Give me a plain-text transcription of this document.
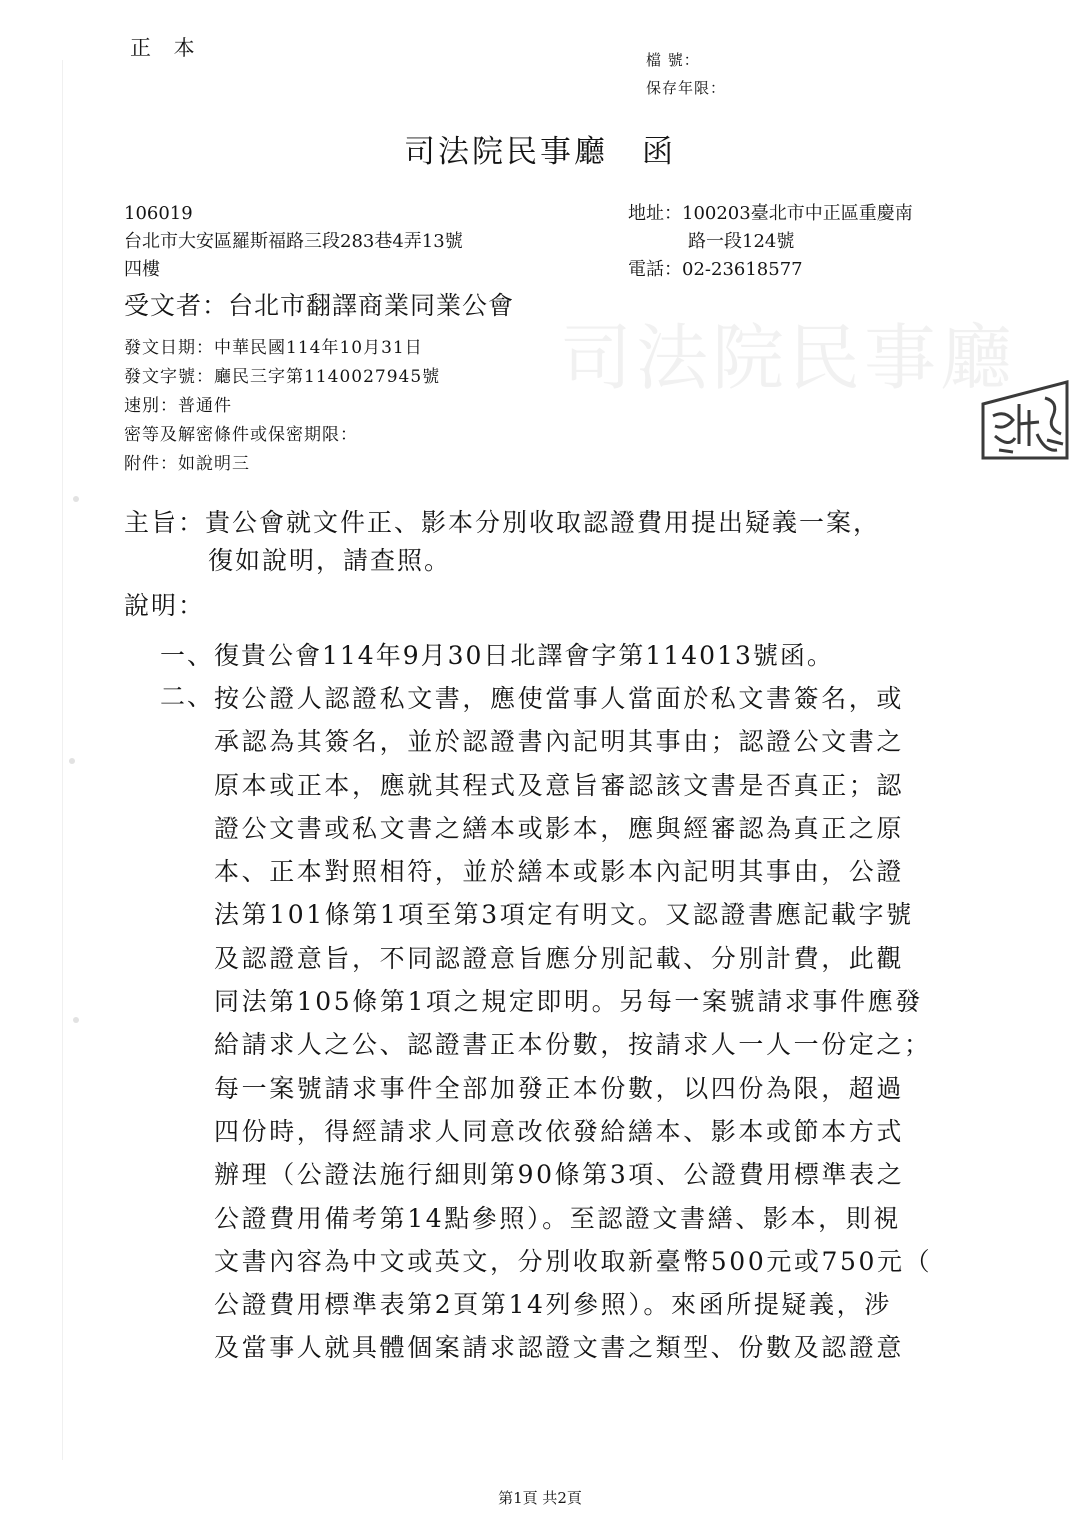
司法院民事廳
正 本	檔 號：
保存年限：
司法院民事廳 函
106019
台北市大安區羅斯福路三段283巷4弄13號
四樓
地址：100203臺北市中正區重慶南
路一段124號
電話：02-23618577
受文者：台北市翻譯商業同業公會
發文日期：中華民國114年10月31日
發文字號：廳民三字第1140027945號
速別：普通件
密等及解密條件或保密期限：
附件：如說明三
主旨：貴公會就文件正、影本分別收取認證費用提出疑義一案，
復如說明，請查照。
說明：
一、復貴公會114年9月30日北譯會字第114013號函。
二、 按公證人認證私文書，應使當事人當面於私文書簽名，或
承認為其簽名，並於認證書內記明其事由；認證公文書之
原本或正本，應就其程式及意旨審認該文書是否真正；認
證公文書或私文書之繕本或影本，應與經審認為真正之原
本、正本對照相符，並於繕本或影本內記明其事由，公證
法第101條第1項至第3項定有明文。又認證書應記載字號
及認證意旨，不同認證意旨應分別記載、分別計費，此觀
同法第105條第1項之規定即明。另每一案號請求事件應發
給請求人之公、認證書正本份數，按請求人一人一份定之；
每一案號請求事件全部加發正本份數，以四份為限，超過
四份時，得經請求人同意改依發給繕本、影本或節本方式
辦理（公證法施行細則第90條第3項、公證費用標準表之
公證費用備考第14點參照）。至認證文書繕、影本，則視
文書內容為中文或英文，分別收取新臺幣500元或750元（
公證費用標準表第2頁第14列參照）。來函所提疑義，涉
及當事人就具體個案請求認證文書之類型、份數及認證意
第1頁 共2頁
